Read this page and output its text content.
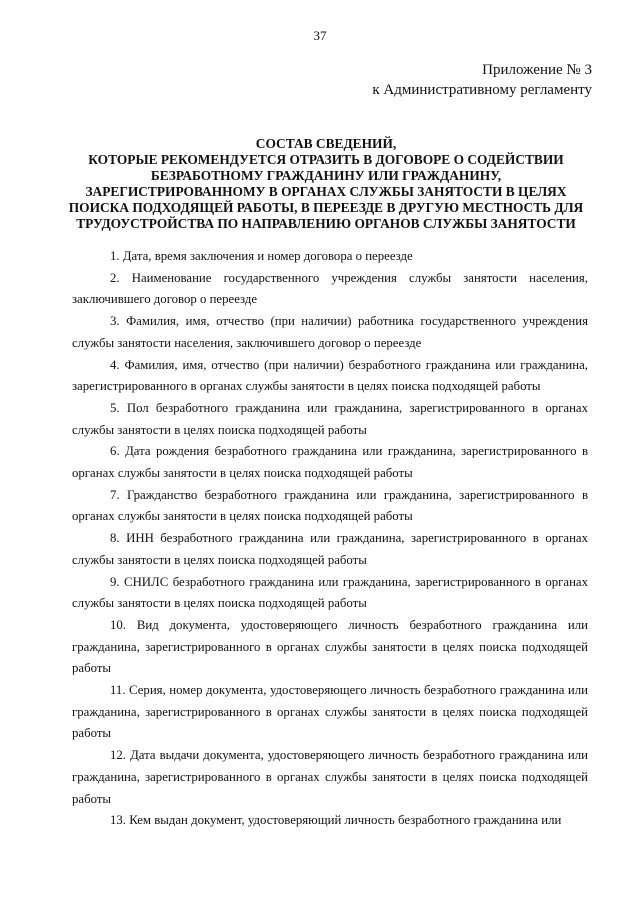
37
Приложение № 3
к Административному регламенту
СОСТАВ СВЕДЕНИЙ,
КОТОРЫЕ РЕКОМЕНДУЕТСЯ ОТРАЗИТЬ В ДОГОВОРЕ О СОДЕЙСТВИИ
БЕЗРАБОТНОМУ ГРАЖДАНИНУ ИЛИ ГРАЖДАНИНУ,
ЗАРЕГИСТРИРОВАННОМУ В ОРГАНАХ СЛУЖБЫ ЗАНЯТОСТИ В ЦЕЛЯХ
ПОИСКА ПОДХОДЯЩЕЙ РАБОТЫ, В ПЕРЕЕЗДЕ В ДРУГУЮ МЕСТНОСТЬ ДЛЯ
ТРУДОУСТРОЙСТВА ПО НАПРАВЛЕНИЮ ОРГАНОВ СЛУЖБЫ ЗАНЯТОСТИ

1. Дата, время заключения и номер договора о переезде

2. Наименование государственного учреждения службы занятости населения, заключившего договор о переезде

3. Фамилия, имя, отчество (при наличии) работника государственного учреждения службы занятости населения, заключившего договор о переезде

4. Фамилия, имя, отчество (при наличии) безработного гражданина или гражданина, зарегистрированного в органах службы занятости в целях поиска подходящей работы

5. Пол безработного гражданина или гражданина, зарегистрированного в органах службы занятости в целях поиска подходящей работы

6. Дата рождения безработного гражданина или гражданина, зарегистрированного в органах службы занятости в целях поиска подходящей работы

7. Гражданство безработного гражданина или гражданина, зарегистрированного в органах службы занятости в целях поиска подходящей работы

8. ИНН безработного гражданина или гражданина, зарегистрированного в органах службы занятости в целях поиска подходящей работы

9. СНИЛС безработного гражданина или гражданина, зарегистрированного в органах службы занятости в целях поиска подходящей работы

10. Вид документа, удостоверяющего личность безработного гражданина или гражданина, зарегистрированного в органах службы занятости в целях поиска подходящей работы

11. Серия, номер документа, удостоверяющего личность безработного гражданина или гражданина, зарегистрированного в органах службы занятости в целях поиска подходящей работы

12. Дата выдачи документа, удостоверяющего личность безработного гражданина или гражданина, зарегистрированного в органах службы занятости в целях поиска подходящей работы

13. Кем выдан документ, удостоверяющий личность безработного гражданина или
